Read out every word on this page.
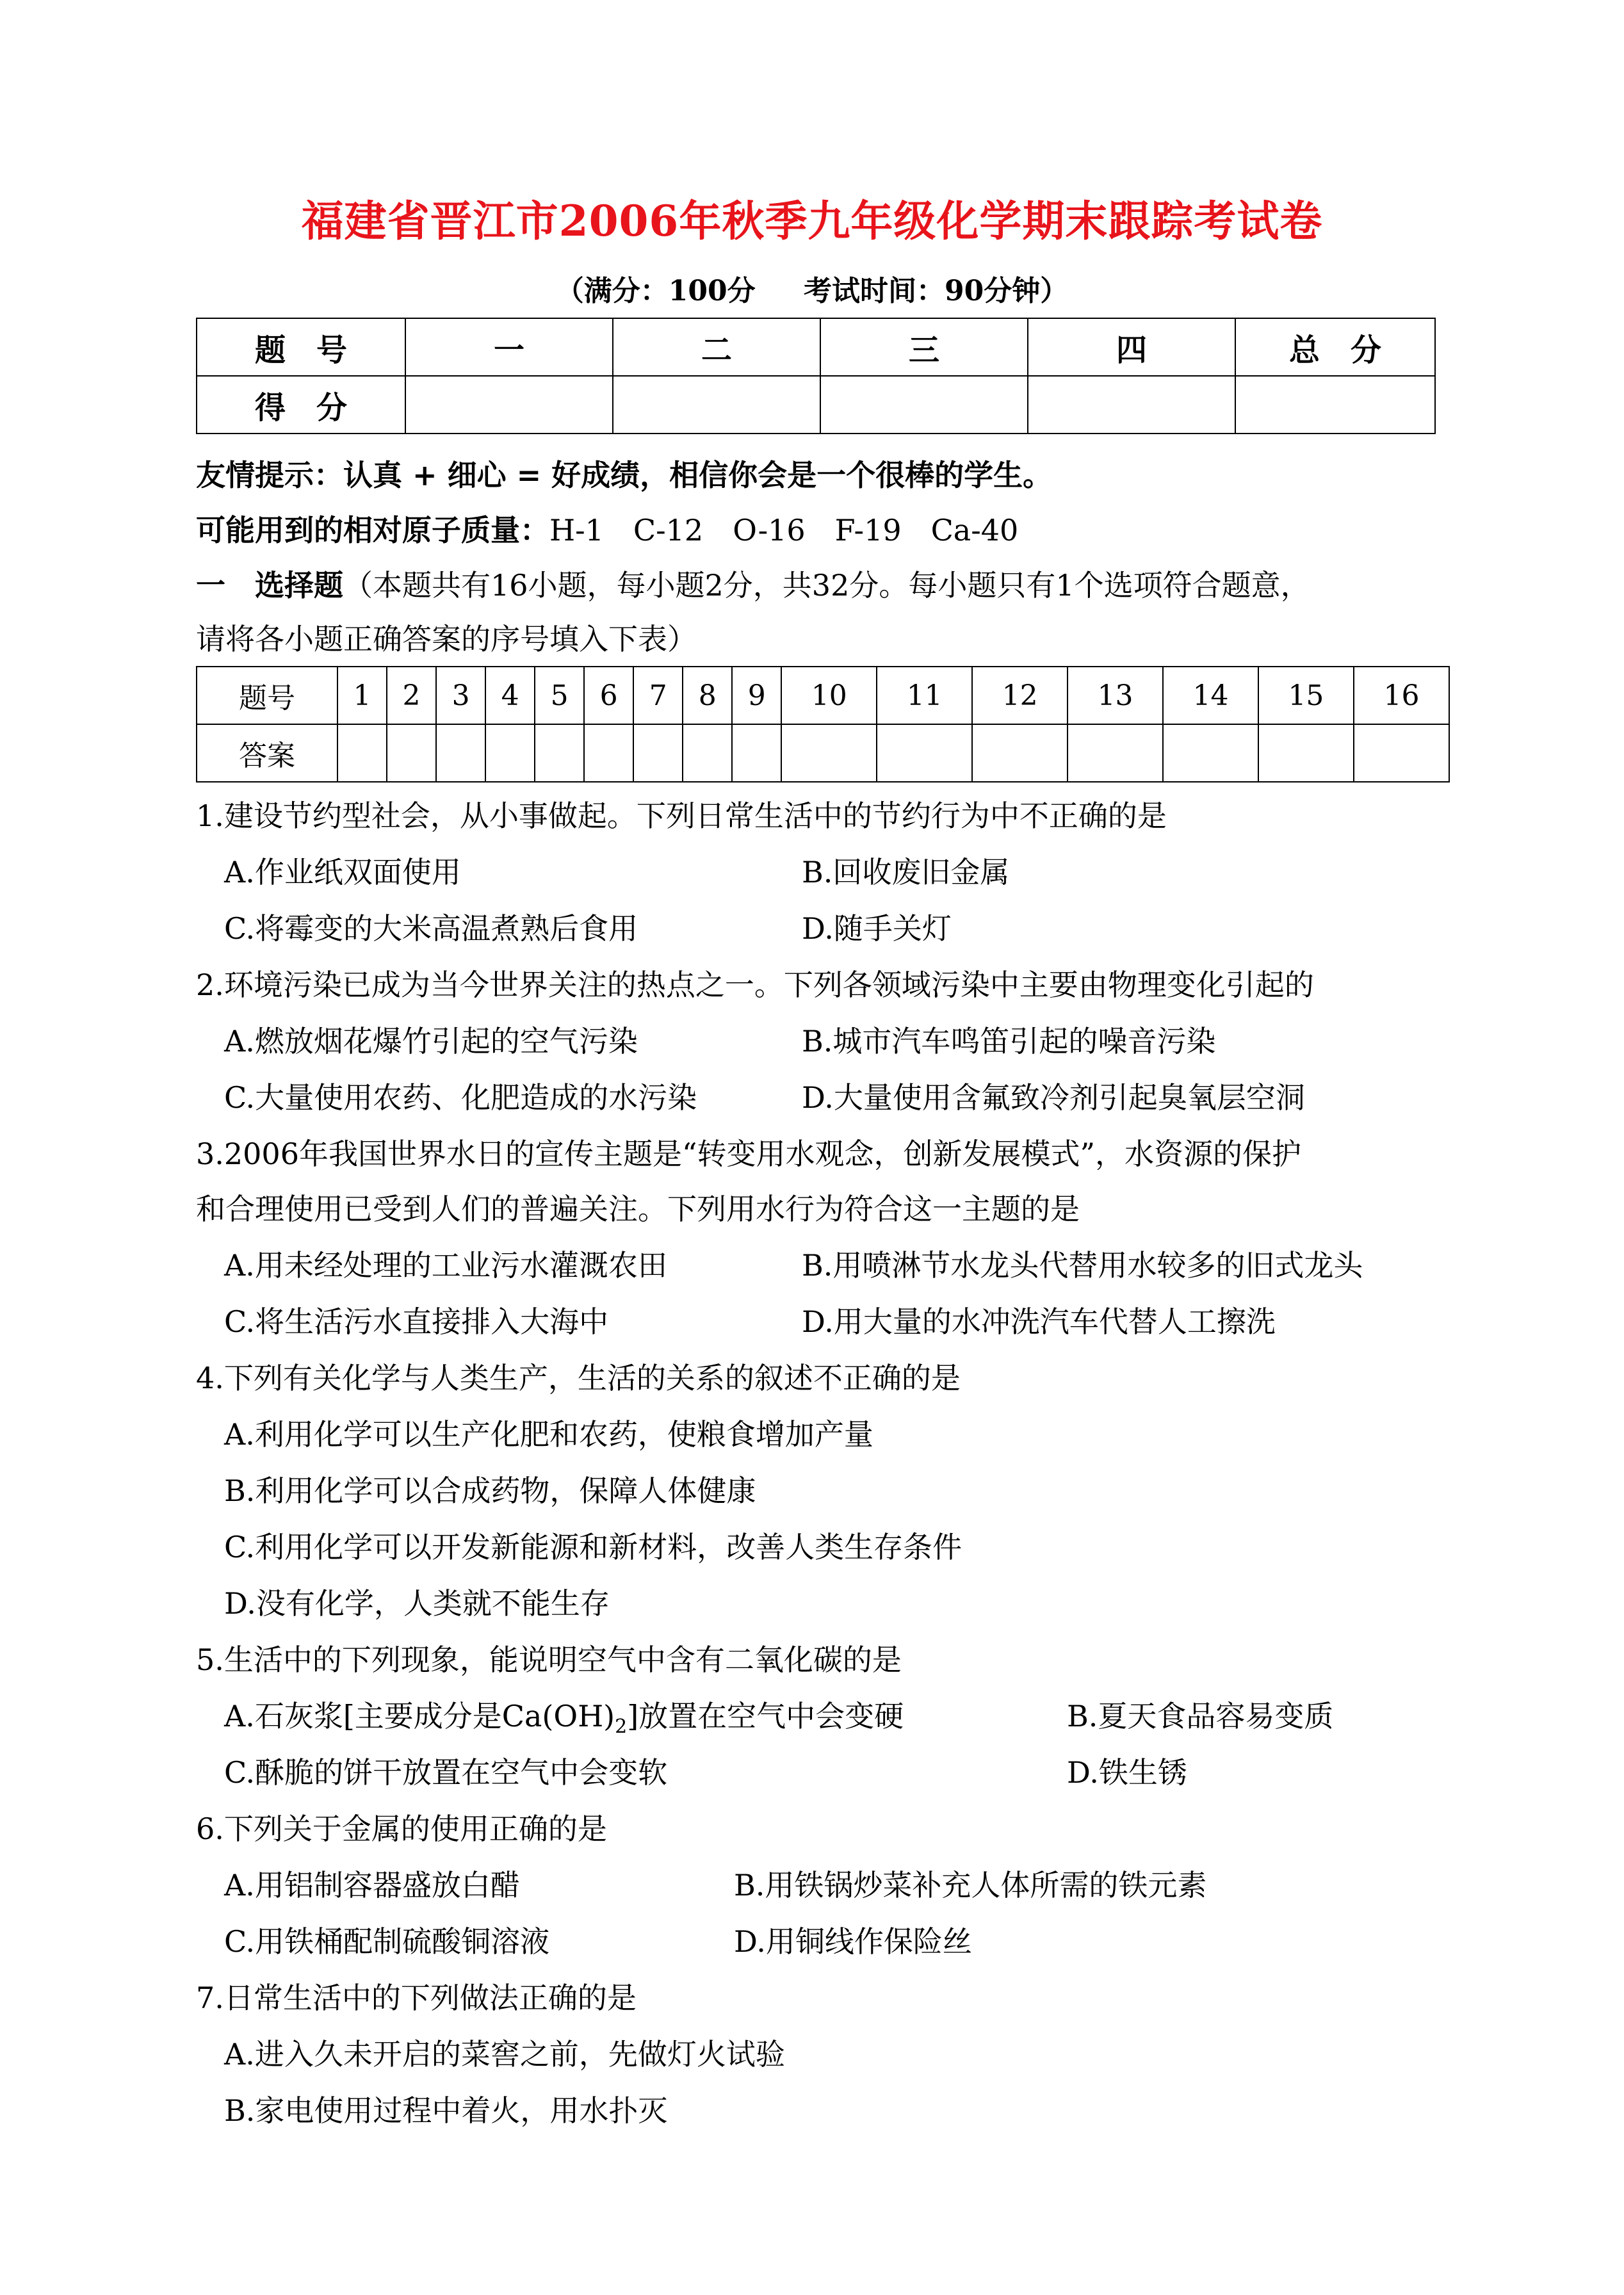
福建省晋江市2006年秋季九年级化学期末跟踪考试卷
（满分：100分 考试时间：90分钟）
题　号	一	二	三	四	总　分
得　分					
友情提示：认真 + 细心 = 好成绩，相信你会是一个很棒的学生。
可能用到的相对原子质量：H-1　C-12　O-16　F-19　Ca-40
一　选择题（本题共有16小题，每小题2分，共32分。每小题只有1个选项符合题意，
请将各小题正确答案的序号填入下表）
题号	1	2	3	4	5	6	7	8	9	10	11	12	13	14	15	16
答案																
1.建设节约型社会，从小事做起。下列日常生活中的节约行为中不正确的是
A.作业纸双面使用	B.回收废旧金属
C.将霉变的大米高温煮熟后食用	D.随手关灯
2.环境污染已成为当今世界关注的热点之一。下列各领域污染中主要由物理变化引起的
A.燃放烟花爆竹引起的空气污染	B.城市汽车鸣笛引起的噪音污染
C.大量使用农药、化肥造成的水污染	D.大量使用含氟致冷剂引起臭氧层空洞
3.2006年我国世界水日的宣传主题是“转变用水观念，创新发展模式”，水资源的保护
和合理使用已受到人们的普遍关注。下列用水行为符合这一主题的是
A.用未经处理的工业污水灌溉农田	B.用喷淋节水龙头代替用水较多的旧式龙头
C.将生活污水直接排入大海中	D.用大量的水冲洗汽车代替人工擦洗
4.下列有关化学与人类生产，生活的关系的叙述不正确的是
A.利用化学可以生产化肥和农药，使粮食增加产量
B.利用化学可以合成药物，保障人体健康
C.利用化学可以开发新能源和新材料，改善人类生存条件
D.没有化学，人类就不能生存
5.生活中的下列现象，能说明空气中含有二氧化碳的是
A.石灰浆[主要成分是$Ca(OH)_2$]放置在空气中会变硬	B.夏天食品容易变质
C.酥脆的饼干放置在空气中会变软	D.铁生锈
6.下列关于金属的使用正确的是
A.用铝制容器盛放白醋	B.用铁锅炒菜补充人体所需的铁元素
C.用铁桶配制硫酸铜溶液	D.用铜线作保险丝
7.日常生活中的下列做法正确的是
A.进入久未开启的菜窖之前，先做灯火试验
B.家电使用过程中着火，用水扑灭
